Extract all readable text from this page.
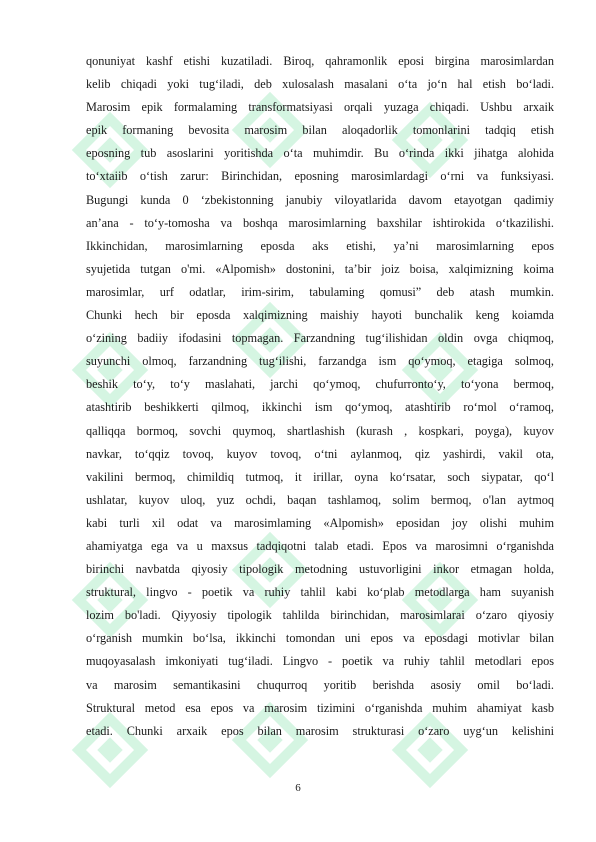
qonuniyat kashf etishi kuzatiladi. Biroq, qahramonlik eposi birgina marosimlardan
kelib chiqadi yoki tug‘iladi, deb xulosalash masalani o‘ta jo‘n hal etish bo‘ladi.
Marosim epik formalaming transformatsiyasi orqali yuzaga chiqadi. Ushbu arxaik
epik formaning bevosita marosim bilan aloqadorlik tomonlarini tadqiq etish
eposning tub asoslarini yoritishda o‘ta muhimdir. Bu o‘rinda ikki jihatga alohida
to‘xtaiib o‘tish zarur: Birinchidan, eposning marosimlardagi o‘rni va funksiyasi.
Bugungi kunda 0 ‘zbekistonning janubiy viloyatlarida davom etayotgan qadimiy
an’ana - to‘y-tomosha va boshqa marosimlarning baxshilar ishtirokida o‘tkazilishi.
Ikkinchidan, marosimlarning eposda aks etishi, ya’ni marosimlarning epos
syujetida tutgan o'mi. «Alpomish» dostonini, ta’bir joiz boisa, xalqimizning koima
marosimlar, urf odatlar, irim-sirim, tabulaming qomusi” deb atash mumkin.
Chunki hech bir eposda xalqimizning maishiy hayoti bunchalik keng koiamda
o‘zining badiiy ifodasini topmagan. Farzandning tug‘ilishidan oldin ovga chiqmoq,
suyunchi olmoq, farzandning tug‘ilishi, farzandga ism qo‘ymoq, etagiga solmoq,
beshik to‘y, to‘y maslahati, jarchi qo‘ymoq, chufurronto‘y, to‘yona bermoq,
atashtirib beshikkerti qilmoq, ikkinchi ism qo‘ymoq, atashtirib ro‘mol o‘ramoq,
qalliqqa bormoq, sovchi quymoq, shartlashish (kurash , kospkari, poyga), kuyov
navkar, to‘qqiz tovoq, kuyov tovoq, o‘tni aylanmoq, qiz yashirdi, vakil ota,
vakilini bermoq, chimildiq tutmoq, it irillar, oyna ko‘rsatar, soch siypatar, qo‘l
ushlatar, kuyov uloq, yuz ochdi, baqan tashlamoq, solim bermoq, o'lan aytmoq
kabi turli xil odat va marosimlaming «Alpomish» eposidan joy olishi muhim
ahamiyatga ega va u maxsus tadqiqotni talab etadi. Epos va marosimni o‘rganishda
birinchi navbatda qiyosiy tipologik metodning ustuvorligini inkor etmagan holda,
struktural, lingvo - poetik va ruhiy tahlil kabi ko‘plab metodlarga ham suyanish
lozim bo'ladi. Qiyyosiy tipologik tahlilda birinchidan, marosimlarai o‘zaro qiyosiy
o‘rganish mumkin bo‘lsa, ikkinchi tomondan uni epos va eposdagi motivlar bilan
muqoyasalash imkoniyati tug‘iladi. Lingvo - poetik va ruhiy tahlil metodlari epos
va marosim semantikasini chuqurroq yoritib berishda asosiy omil bo‘ladi.
Struktural metod esa epos va marosim tizimini o‘rganishda muhim ahamiyat kasb
etadi. Chunki arxaik epos bilan marosim strukturasi o‘zaro uyg‘un kelishini
6
